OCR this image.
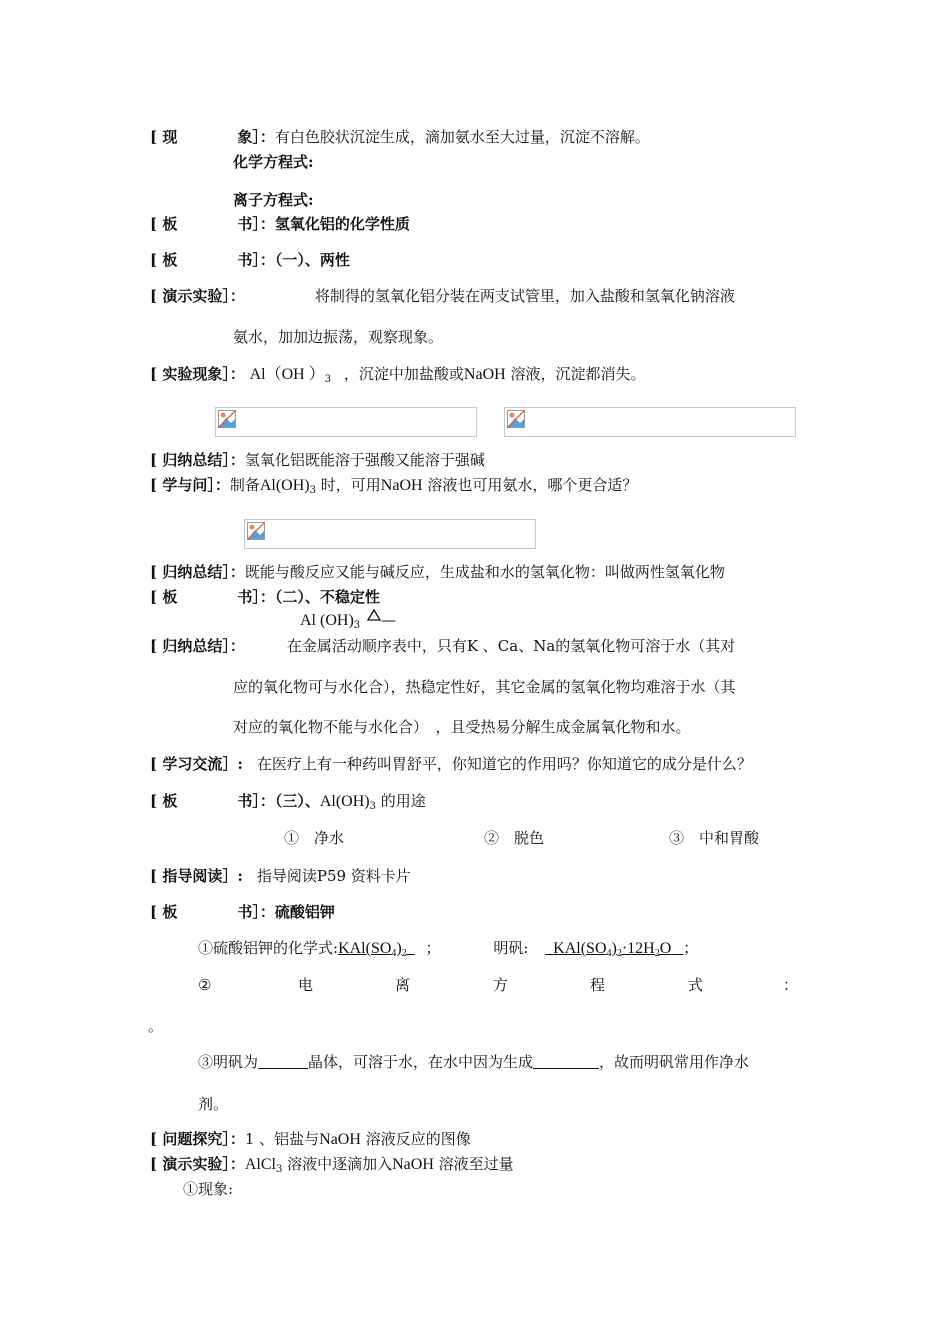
[ 现　　　　象］：有白色胶状沉淀生成，滴加氨水至大过量，沉淀不溶解。
化学方程式:
离子方程式:
[ 板　　　　书］：氢氧化铝的化学性质
[ 板　　　　书］：（一）、两性
[ 演示实验］：	将制得的氢氧化铝分装在两支试管里，加入盐酸和氢氧化钠溶液
氨水，加加边振荡，观察现象。
[ 实验现象］： Al（OH ）$_3$ ，沉淀中加盐酸或NaOH 溶液，沉淀都消失。
[ 归纳总结］：氢氧化铝既能溶于强酸又能溶于强碱
[ 学与问］：制备$Al(OH)_3$ 时，可用NaOH 溶液也可用氨水，哪个更合适？
[ 归纳总结］：既能与酸反应又能与碱反应，生成盐和水的氢氧化物：叫做两性氢氧化物
[ 板　　　　书］：（二）、不稳定性
Al $(OH)_3$ —
[ 归纳总结］：	在金属活动顺序表中，只有K 、Ca、Na的氢氧化物可溶于水（其对
应的氧化物可与水化合），热稳定性好，其它金属的氢氧化物均难溶于水（其
对应的氧化物不能与水化合）　，且受热易分解生成金属氧化物和水。
[ 学习交流］: 在医疗上有一种药叫胃舒平，你知道它的作用吗？你知道它的成分是什么？
[ 板　　　　书］：（三）、$Al(OH)_3$ 的用途
①　净水	②　脱色	③　中和胃酸
[ 指导阅读］: 指导阅读P59 资料卡片
[ 板　　　　书］：硫酸铝钾
①硫酸铝钾的化学式$:KAl(SO_4)_2$ ；	明矾: $KAl(SO_4)_2\cdot 12H_2O$ ；
②	电	离	方	程	式	：
。
③明矾为	晶体，可溶于水，在水中因为生成	，故而明矾常用作净水
剂。
[ 问题探究］：1 、铝盐与NaOH 溶液反应的图像
[ 演示实验］：AlCl$_3$ 溶液中逐滴加入NaOH 溶液至过量
①现象:
